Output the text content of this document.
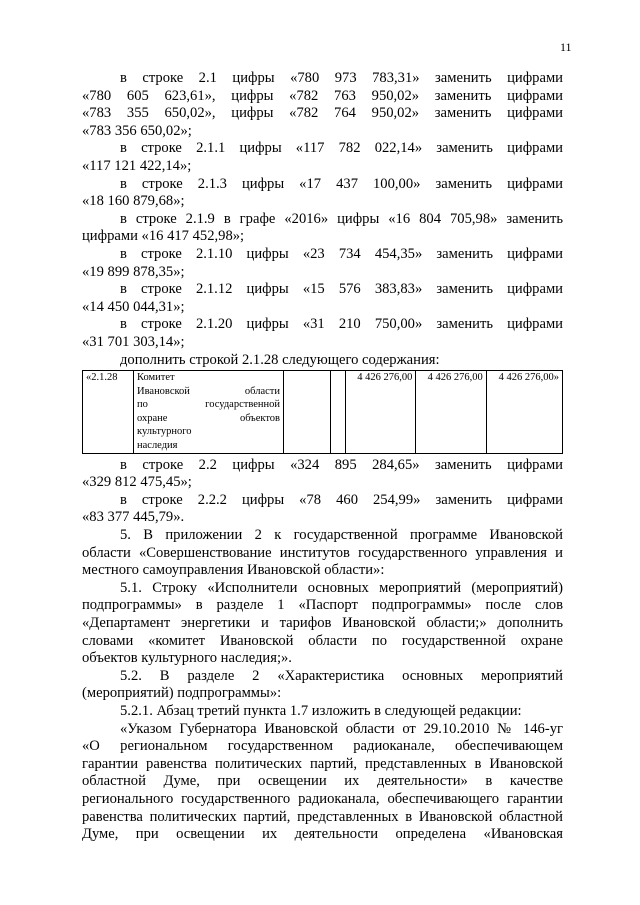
11
в строке 2.1 цифры «780 973 783,31» заменить цифрами
«780 605 623,61», цифры «782 763 950,02» заменить цифрами
«783 355 650,02», цифры «782 764 950,02» заменить цифрами
«783 356 650,02»;
в строке 2.1.1 цифры «117 782 022,14» заменить цифрами
«117 121 422,14»;
в строке 2.1.3 цифры «17 437 100,00» заменить цифрами
«18 160 879,68»;
в строке 2.1.9 в графе «2016» цифры «16 804 705,98» заменить
цифрами «16 417 452,98»;
в строке 2.1.10 цифры «23 734 454,35» заменить цифрами
«19 899 878,35»;
в строке 2.1.12 цифры «15 576 383,83» заменить цифрами
«14 450 044,31»;
в строке 2.1.20 цифры «31 210 750,00» заменить цифрами
«31 701 303,14»;
дополнить строкой 2.1.28 следующего содержания:
«2.1.28	Комитет
Ивановской области
по государственной
охране объектов
культурного
наследия
			4 426 276,00	4 426 276,00	4 426 276,00»
в строке 2.2 цифры «324 895 284,65» заменить цифрами
«329 812 475,45»;
в строке 2.2.2 цифры «78 460 254,99» заменить цифрами
«83 377 445,79».
5. В приложении 2 к государственной программе Ивановской
области «Совершенствование институтов государственного управления и
местного самоуправления Ивановской области»:
5.1. Строку «Исполнители основных мероприятий (мероприятий)
подпрограммы» в разделе 1 «Паспорт подпрограммы» после слов
«Департамент энергетики и тарифов Ивановской области;» дополнить
словами «комитет Ивановской области по государственной охране
объектов культурного наследия;».
5.2. В разделе 2 «Характеристика основных мероприятий
(мероприятий) подпрограммы»:
5.2.1. Абзац третий пункта 1.7 изложить в следующей редакции:
«Указом Губернатора Ивановской области от 29.10.2010 № 146-уг
«О региональном государственном радиоканале, обеспечивающем
гарантии равенства политических партий, представленных в Ивановской
областной Думе, при освещении их деятельности» в качестве
регионального государственного радиоканала, обеспечивающего гарантии
равенства политических партий, представленных в Ивановской областной
Думе, при освещении их деятельности определена «Ивановская
